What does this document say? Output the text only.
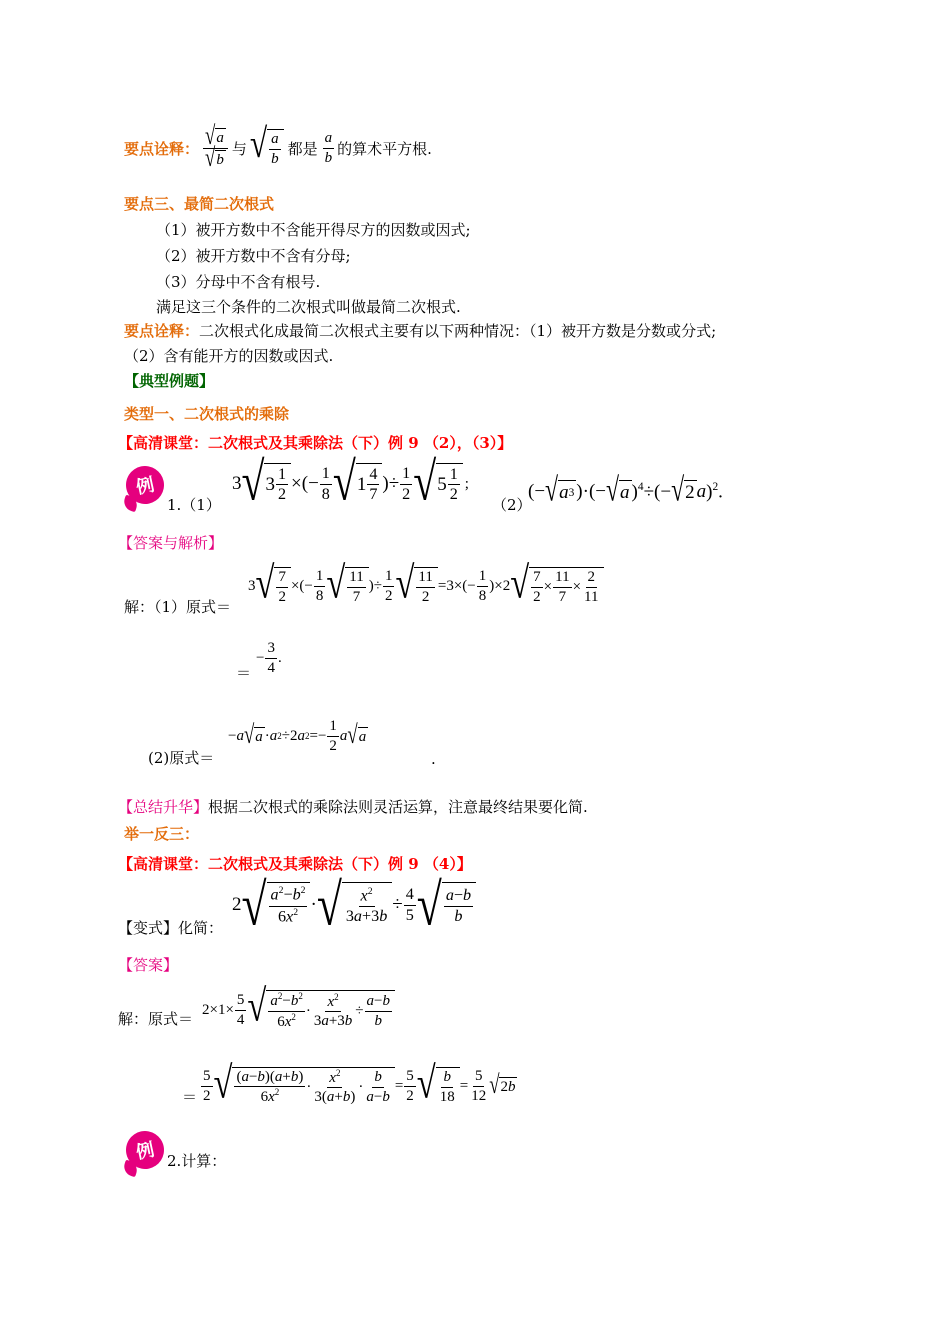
要点诠释： $\frac{√ a}{√ b}$ 与 √ $\frac{a}{b}$ 都是 $\frac{a}{b}$ 的算术平方根.
要点三、最简二次根式
（1）被开方数中不含能开得尽方的因数或因式;
（2）被开方数中不含有分母;
（3）分母中不含有根号.
满足这三个条件的二次根式叫做最简二次根式.
要点诠释：二次根式化成最简二次根式主要有以下两种情况：（1）被开方数是分数或分式;
（2）含有能开方的因数或因式.
【典型例题】
类型一、二次根式的乘除
【高清课堂：二次根式及其乘除法（下）例 9 （2），（3）】
例
1.（1）
3 √ $3 \frac{1}{2}$ ×(− $\frac{1}{8}$ √ $1 \frac{4}{7}$ )÷ $\frac{1}{2}$ √ $5 \frac{1}{2}$ ;
（2）
(− √ a 3 )·(− √ a )$^4$÷(− √ 2 a )$^2$.
【答案与解析】
解：（1）原式＝
3 √ $\frac{7}{2}$ ×(− $\frac{1}{8}$ √ $\frac{11}{7}$ )÷ $\frac{1}{2}$ √ $\frac{11}{2} =3\times(- \frac{1}{8} )\times 2$ √ $\frac{7}{2} \times \frac{11}{7} \times \frac{2}{11}$
＝
− $\frac{3}{4}$ .
(2)原式＝
− a √ a · a 2 ÷2 a $2 =- \frac{1}{2}$ a √ a
.
【总结升华】根据二次根式的乘除法则灵活运算，注意最终结果要化简.
举一反三：
【高清课堂：二次根式及其乘除法（下）例 9 （4）】
【变式】化简：
2 √ $\frac{a^2-b^2}{6x^2}$ · √ $\frac{x^2}{3a+3b} \div \frac{4}{5}$ √ $\frac{a-b}{b}$
【答案】
解：原式＝
$2\times 1\times \frac{5}{4}$ √ $\frac{a^2-b^2}{6x^2} \cdot \frac{x^2}{3a+3b} \div \frac{a-b}{b}$
＝ $\frac{5}{2}$ √ $\frac{(a-b)(a+b)}{6x^2} \cdot \frac{x^2}{3(a+b)} \cdot \frac{b}{a-b} = \frac{5}{2}$ √ $\frac{b}{18} = \frac{5}{12}$ √ 2 b
例 2.计算：
